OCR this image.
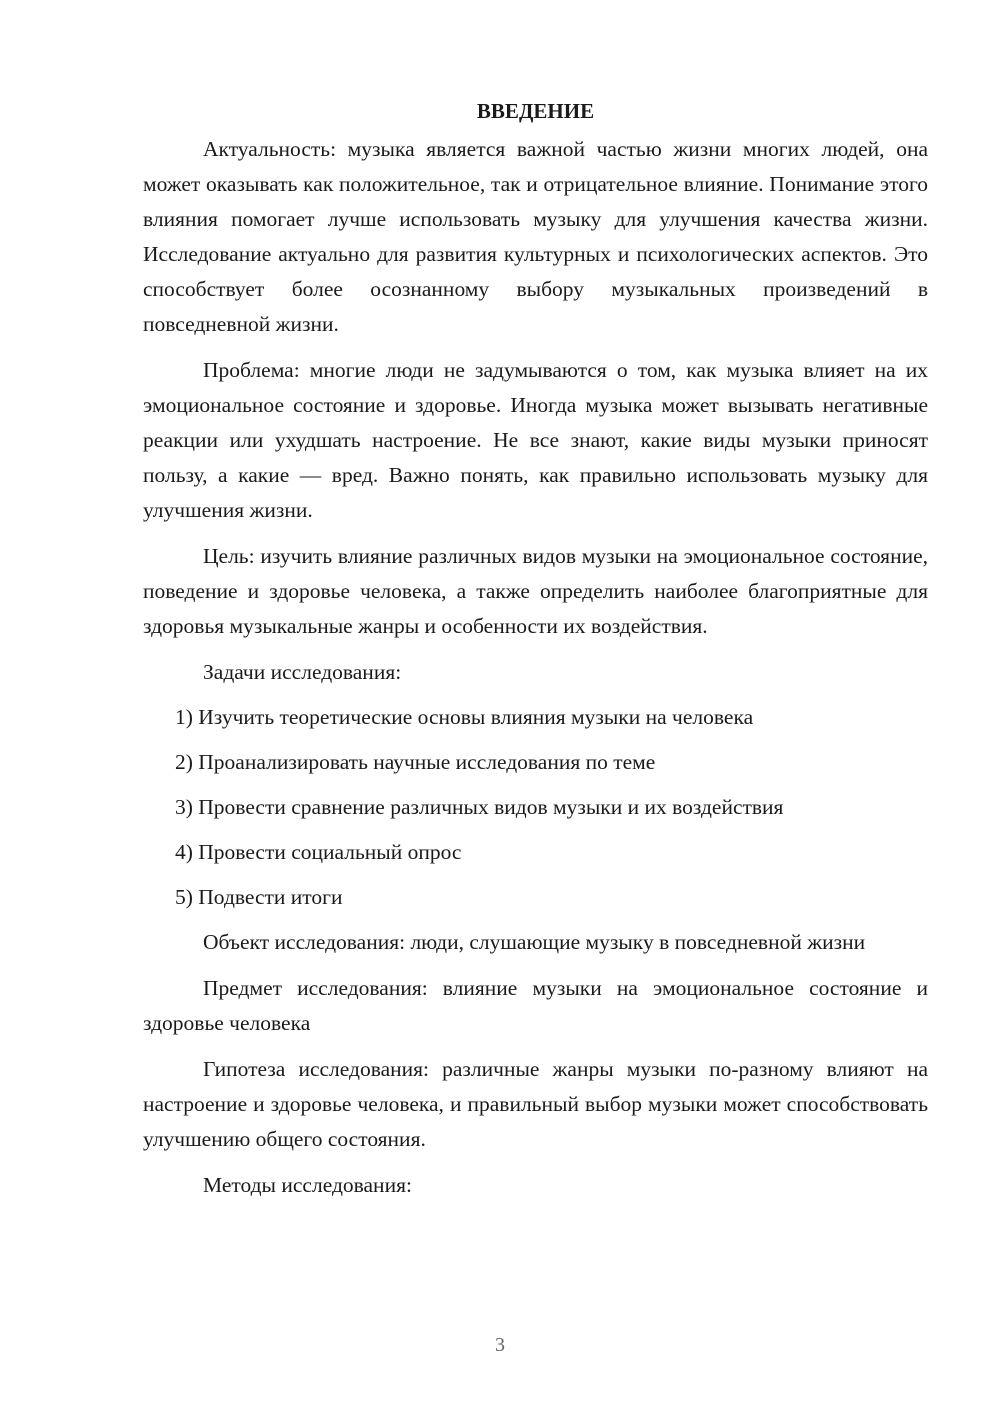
ВВЕДЕНИЕ

Актуальность: музыка является важной частью жизни многих людей, она может оказывать как положительное, так и отрицательное влияние. Понимание этого влияния помогает лучше использовать музыку для улучшения качества жизни. Исследование актуально для развития культурных и психологических аспектов. Это способствует более осознанному выбору музыкальных произведений в повседневной жизни.

Проблема: многие люди не задумываются о том, как музыка влияет на их эмоциональное состояние и здоровье. Иногда музыка может вызывать негативные реакции или ухудшать настроение. Не все знают, какие виды музыки приносят пользу, а какие — вред. Важно понять, как правильно использовать музыку для улучшения жизни.

Цель: изучить влияние различных видов музыки на эмоциональное состояние, поведение и здоровье человека, а также определить наиболее благоприятные для здоровья музыкальные жанры и особенности их воздействия.

Задачи исследования:

1) Изучить теоретические основы влияния музыки на человека
2) Проанализировать научные исследования по теме
3) Провести сравнение различных видов музыки и их воздействия
4) Провести социальный опрос
5) Подвести итоги

Объект исследования: люди, слушающие музыку в повседневной жизни

Предмет исследования: влияние музыки на эмоциональное состояние и здоровье человека

Гипотеза исследования: различные жанры музыки по-разному влияют на настроение и здоровье человека, и правильный выбор музыки может способствовать улучшению общего состояния.

Методы исследования:

3
